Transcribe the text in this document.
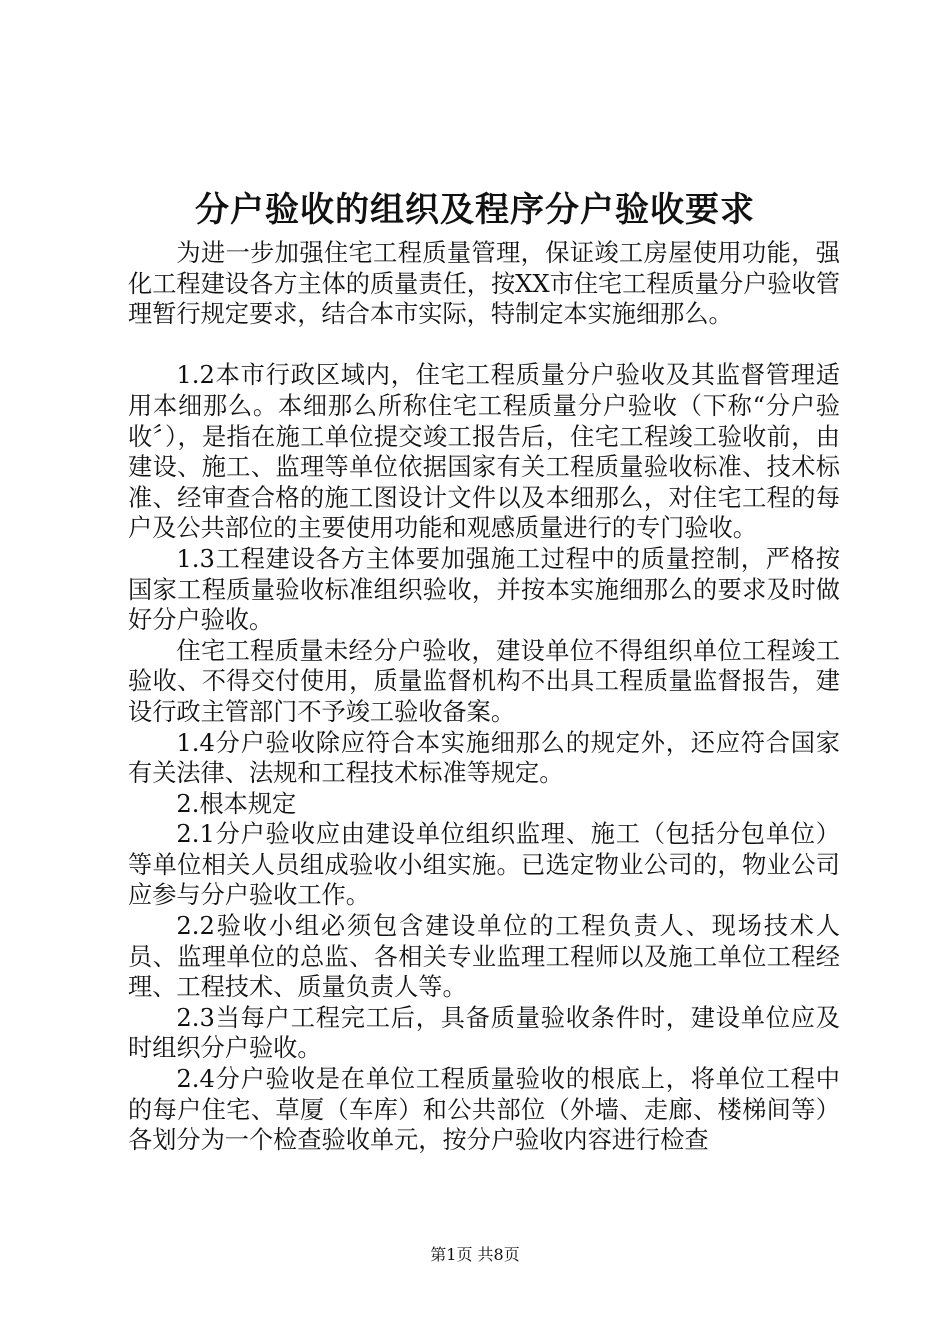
分户验收的组织及程序分户验收要求

为进一步加强住宅工程质量管理，保证竣工房屋使用功能，强化工程建设各方主体的质量责任，按XX市住宅工程质量分户验收管理暂行规定要求，结合本市实际，特制定本实施细那么。

1.2本市行政区域内，住宅工程质量分户验收及其监督管理适用本细那么。本细那么所称住宅工程质量分户验收（下称“分户验收〞），是指在施工单位提交竣工报告后，住宅工程竣工验收前，由建设、施工、监理等单位依据国家有关工程质量验收标准、技术标准、经审查合格的施工图设计文件以及本细那么，对住宅工程的每户及公共部位的主要使用功能和观感质量进行的专门验收。

1.3工程建设各方主体要加强施工过程中的质量控制，严格按国家工程质量验收标准组织验收，并按本实施细那么的要求及时做好分户验收。

住宅工程质量未经分户验收，建设单位不得组织单位工程竣工验收、不得交付使用，质量监督机构不出具工程质量监督报告，建设行政主管部门不予竣工验收备案。

1.4分户验收除应符合本实施细那么的规定外，还应符合国家有关法律、法规和工程技术标准等规定。

2.根本规定

2.1分户验收应由建设单位组织监理、施工（包括分包单位）等单位相关人员组成验收小组实施。已选定物业公司的，物业公司应参与分户验收工作。

2.2验收小组必须包含建设单位的工程负责人、现场技术人员、监理单位的总监、各相关专业监理工程师以及施工单位工程经理、工程技术、质量负责人等。

2.3当每户工程完工后，具备质量验收条件时，建设单位应及时组织分户验收。

2.4分户验收是在单位工程质量验收的根底上，将单位工程中的每户住宅、草厦（车库）和公共部位（外墙、走廊、楼梯间等）各划分为一个检查验收单元，按分户验收内容进行检查

第1页 共8页
